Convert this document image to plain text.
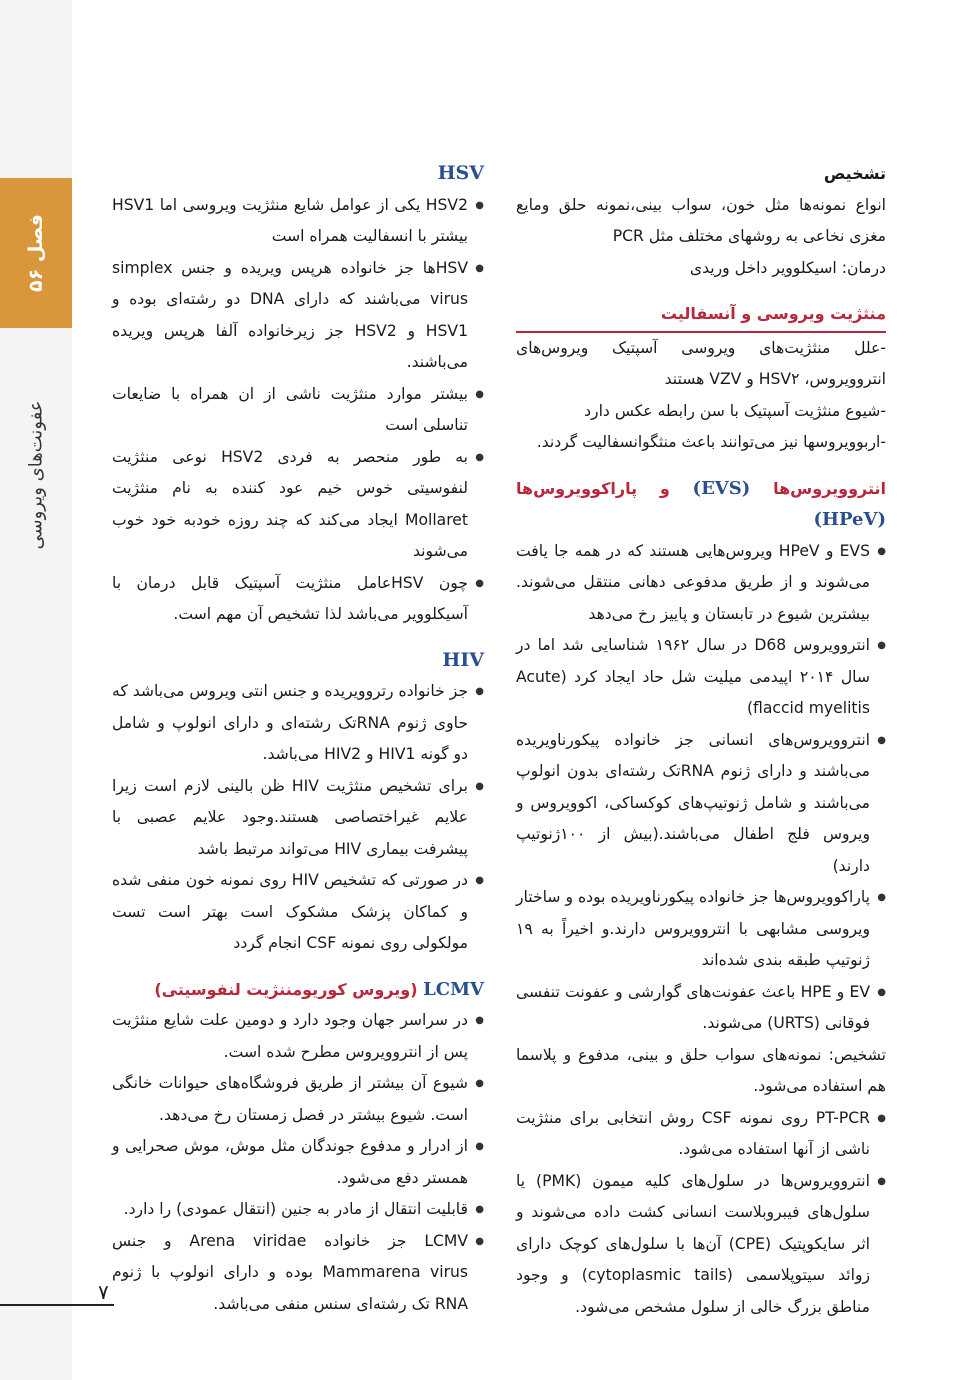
فصل ۵۶
عفونت‌های ویروسی
۷

تشخیص

انواع نمونه‌ها مثل خون، سواب بینی،نمونه حلق ومایع مغزی نخاعی به روشهای مختلف مثل PCR

درمان: اسیکلوویر داخل وریدی

منثژیت ویروسی و آنسفالیت

-علل منثژیت‌های ویروسی آسپتیک ویروس‌های انترو‌ویروس، HSV۲ و VZV هستند

-شیوع منثژیت آسپتیک با سن رابطه عکس دارد

-اربوویروسها نیز می‌توانند باعث منثگوانسفالیت گردند.

انترو‌ویروس‌ها (EVS) و پاراکوویروس‌ها (HPeV)

● EVS و HPeV ویروس‌هایی هستند که در همه جا یافت می‌شوند و از طریق مدفوعی دهانی منتقل می‌شوند. بیشترین شیوع در تابستان و پاییز رخ می‌دهد
● انترو‌ویروس D68 در سال ۱۹۶۲ شناسایی شد اما در سال ۲۰۱۴ اپیدمی میلیت شل حاد ایجاد کرد (Acute flaccid myelitis)
● انترو‌ویروس‌های انسانی جز خانواده پیکورناویریده می‌باشند و دارای ژنوم RNAتک رشته‌ای بدون انولوپ می‌باشند و شامل ژنوتیپ‌های کوکساکی، اکوویروس و ویروس فلج اطفال می‌باشند.(بیش از ۱۰۰ژنوتیپ دارند)
● پاراکوویروس‌ها جز خانواده پیکورناویریده بوده و ساختار ویروسی مشابهی با انترو‌ویروس دارند.و اخیراً به ۱۹ ژنوتیپ طبقه بندی شده‌اند
● EV و HPE باعث عفونت‌های گوارشی و عفونت تنفسی فوقانی (URTS) می‌شوند.

تشخیص: نمونه‌های سواب حلق و بینی، مدفوع و پلاسما هم استفاده می‌شود.

● PT-PCR روی نمونه CSF روش انتخابی برای منثژیت ناشی از آنها استفاده می‌شود.
● انترو‌ویروس‌ها در سلول‌های کلیه میمون (PMK) یا سلول‌های فیبروبلاست انسانی کشت داده می‌شوند و اثر سایکوپتیک (CPE) آن‌ها با سلول‌های کوچک دارای زوائد سیتوپلاسمی (cytoplasmic tails) و وجود مناطق بزرگ خالی از سلول مشخص می‌شود.

HSV

● HSV2 یکی از عوامل شایع منثژیت ویروسی اما HSV1 بیشتر با انسفالیت همراه است
● HSVها جز خانواده هرپس ویریده و جنس simplex virus می‌باشند که دارای DNA دو رشته‌ای بوده و HSV1 و HSV2 جز زیرخانواده آلفا هرپس ویریده می‌باشند.
● بیشتر موارد منثژیت ناشی از ان همراه با ضایعات تناسلی است
● به طور منحصر به فردی HSV2 نوعی منثژیت لنفوسیتی خوس خیم عود کننده به نام منثژیت Mollaret ایجاد می‌کند که چند روزه خودبه خود خوب می‌شوند
● چون HSVعامل منثژیت آسپتیک قابل درمان با آسیکلوویر می‌باشد لذا تشخیص آن مهم است.

HIV

● جز خانواده رتروویریده و جنس انتی ویروس می‌باشد که حاوی ژنوم RNAتک رشته‌ای و دارای انولوپ و شامل دو گونه HIV1 و HIV2 می‌باشد.
● برای تشخیص منثژیت HIV ظن بالینی لازم است زیرا علایم غیراختصاصی هستند.وجود علایم عصبی با پیشرفت بیماری HIV می‌تواند مرتبط باشد
● در صورتی که تشخیص HIV روی نمونه خون منفی شده و کماکان پزشک مشکوک است بهتر است تست مولکولی روی نمونه CSF انجام گردد

LCMV (ویروس کوریومننژیت لنفوسیتی)

● در سراسر جهان وجود دارد و دومین علت شایع منثژیت پس از انترو‌ویروس مطرح شده است.
● شیوع آن بیشتر از طریق فروشگاه‌های حیوانات خانگی است. شیوع بیشتر در فصل زمستان رخ می‌دهد.
● از ادرار و مدفوع جوندگان مثل موش، موش صحرایی و همستر دفع می‌شود.
● قابلیت انتقال از مادر به جنین (انتقال عمودی) را دارد.
● LCMV جز خانواده Arena viridae و جنس Mammarena virus بوده و دارای انولوپ با ژنوم RNA تک رشته‌ای سنس منفی می‌باشد.
